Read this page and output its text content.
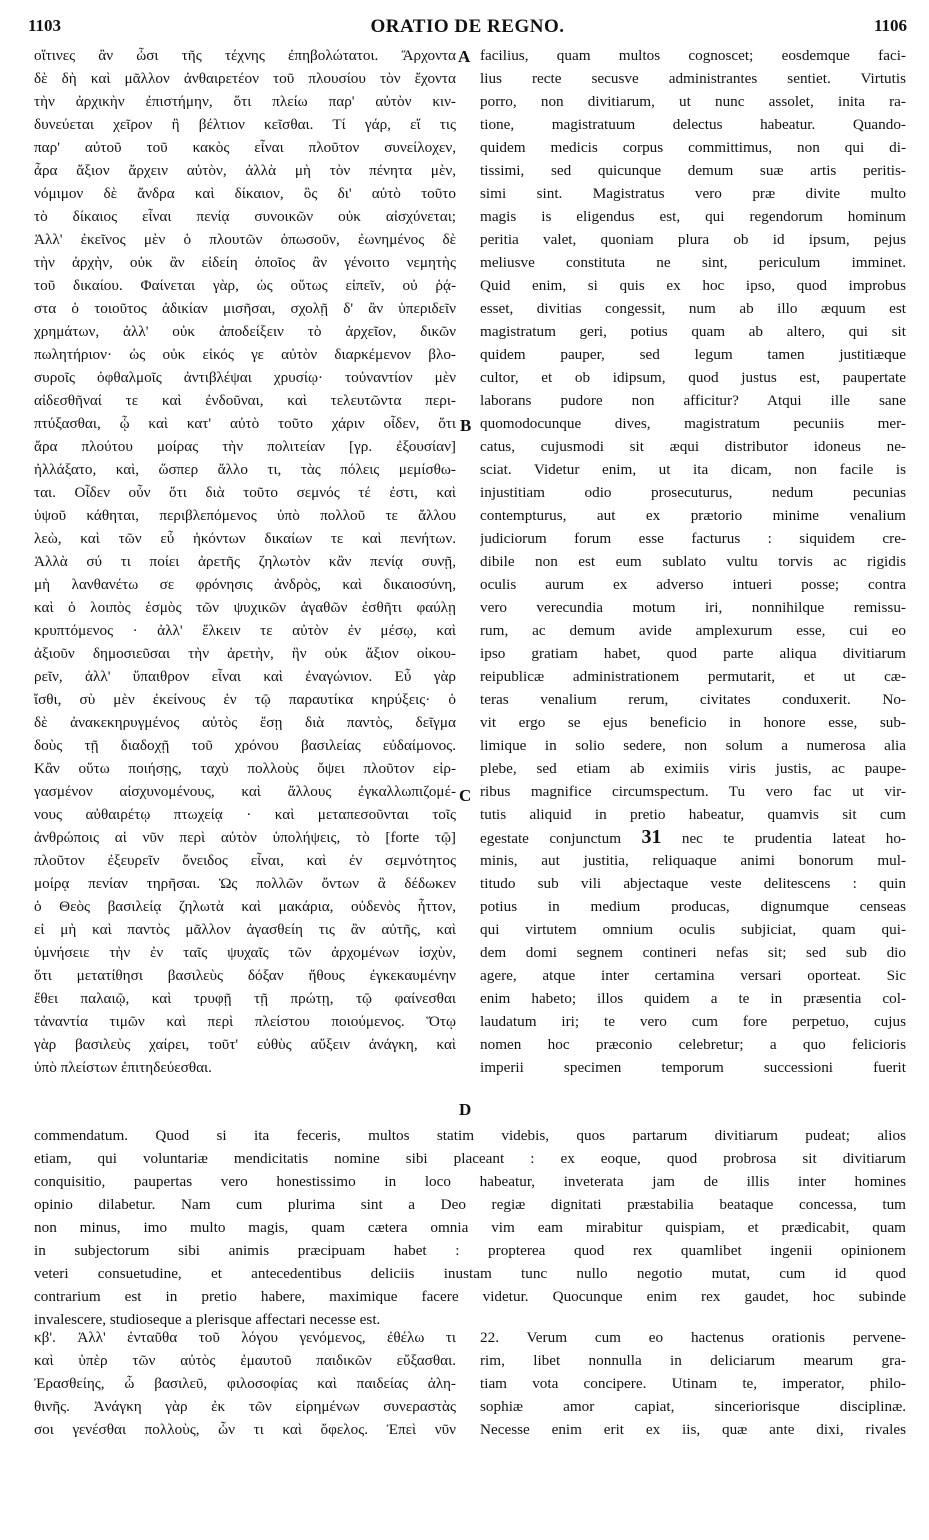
1103	ORATIO DE REGNO.	1106
A
B
C
D
οἵτινες ἂν ὦσι τῆς τέχνης ἐπηβολώτατοι. Ἄρχοντα
δὲ δὴ καὶ μᾶλλον ἀνθαιρετέον τοῦ πλουσίου τὸν ἔχοντα
τὴν ἀρχικὴν ἐπιστήμην, ὅτι πλείω παρ' αὐτὸν κιν-
δυνεύεται χεῖρον ἢ βέλτιον κεῖσθαι. Τί γάρ, εἴ τις
παρ' αὐτοῦ τοῦ κακὸς εἶναι πλοῦτον συνείλοχεν,
ἆρα ἄξιον ἄρχειν αὐτὸν, ἀλλὰ μὴ τὸν πένητα μὲν,
νόμιμον δὲ ἄνδρα καὶ δίκαιον, ὃς δι' αὐτὸ τοῦτο
τὸ δίκαιος εἶναι πενίᾳ συνοικῶν οὐκ αἰσχύνεται;
Ἀλλ' ἐκεῖνος μὲν ὁ πλουτῶν ὁπωσοῦν, ἐωνημένος δὲ
τὴν ἀρχὴν, οὐκ ἂν εἰδείη ὁποῖος ἂν γένοιτο νεμητὴς
τοῦ δικαίου. Φαίνεται γὰρ, ὡς οὕτως εἰπεῖν, οὐ ῥᾴ-
στα ὁ τοιοῦτος ἀδικίαν μισῆσαι, σχολῇ δ' ἂν ὑπεριδεῖν
χρημάτων, ἀλλ' οὐκ ἀποδείξειν τὸ ἀρχεῖον, δικῶν
πωλητήριον· ὡς οὐκ εἰκός γε αὐτὸν διαρκέμενον βλο-
συροῖς ὀφθαλμοῖς ἀντιβλέψαι χρυσίῳ· τοὐναντίον μὲν
αἰδεσθῆναί τε καὶ ἐνδοῦναι, καὶ τελευτῶντα περι-
πτύξασθαι, ᾧ καὶ κατ' αὐτὸ τοῦτο χάριν οἶδεν, ὅτι
ἄρα πλούτου μοίρας τὴν πολιτείαν [γρ. ἐξουσίαν]
ἠλλάξατο, καὶ, ὥσπερ ἄλλο τι, τὰς πόλεις μεμίσθω-
ται. Οἶδεν οὖν ὅτι διὰ τοῦτο σεμνός τέ ἐστι, καὶ
ὑψοῦ κάθηται, περιβλεπόμενος ὑπὸ πολλοῦ τε ἄλλου
λεὼ, καὶ τῶν εὖ ἡκόντων δικαίων τε καὶ πενήτων.
Ἀλλὰ σύ τι ποίει ἀρετῆς ζηλωτὸν κἂν πενίᾳ συνῇ,
μὴ λανθανέτω σε φρόνησις ἀνδρὸς, καὶ δικαιοσύνη,
καὶ ὁ λοιπὸς ἑσμὸς τῶν ψυχικῶν ἀγαθῶν ἐσθῆτι φαύλῃ
κρυπτόμενος · ἀλλ' ἕλκειν τε αὐτὸν ἐν μέσῳ, καὶ
ἀξιοῦν δημοσιεῦσαι τὴν ἀρετὴν, ἣν οὐκ ἄξιον οἰκου-
ρεῖν, ἀλλ' ὕπαιθρον εἶναι καὶ ἐναγώνιον. Εὖ γὰρ
ἴσθι, σὺ μὲν ἐκείνους ἐν τῷ παραυτίκα κηρύξεις· ὁ
δὲ ἀνακεκηρυγμένος αὐτὸς ἔσῃ διὰ παντὸς, δεῖγμα
δοὺς τῇ διαδοχῇ τοῦ χρόνου βασιλείας εὐδαίμονος.
Κἂν οὕτω ποιήσῃς, ταχὺ πολλοὺς ὄψει πλοῦτον εἰρ-
γασμένον αἰσχυνομένους, καὶ ἄλλους ἐγκαλλωπιζομέ-
νους αὐθαιρέτῳ πτωχείᾳ · καὶ μεταπεσοῦνται τοῖς
ἀνθρώποις αἱ νῦν περὶ αὐτὸν ὑπολήψεις, τὸ [forte τῷ]
πλοῦτον ἐξευρεῖν ὄνειδος εἶναι, καὶ ἐν σεμνότητος
μοίρᾳ πενίαν τηρῆσαι. Ὡς πολλῶν ὄντων ἃ δέδωκεν
ὁ Θεὸς βασιλείᾳ ζηλωτὰ καὶ μακάρια, οὐδενὸς ἧττον,
εἰ μὴ καὶ παντὸς μᾶλλον ἀγασθείη τις ἂν αὐτῆς, καὶ
ὑμνήσειε τὴν ἐν ταῖς ψυχαῖς τῶν ἀρχομένων ἰσχὺν,
ὅτι μετατίθησι βασιλεὺς δόξαν ἤθους ἐγκεκαυμένην
ἔθει παλαιῷ, καὶ τρυφῇ τῇ πρώτῃ, τῷ φαίνεσθαι
τἀναντία τιμῶν καὶ περὶ πλείστου ποιούμενος. Ὅτῳ
γὰρ βασιλεὺς χαίρει, τοῦτ' εὐθὺς αὔξειν ἀνάγκη, καὶ
ὑπὸ πλείστων ἐπιτηδεύεσθαι.
facilius, quam multos cognoscet; eosdemque faci-
lius recte secusve administrantes sentiet. Virtutis
porro, non divitiarum, ut nunc assolet, inita ra-
tione, magistratuum delectus habeatur. Quando-
quidem medicis corpus committimus, non qui di-
tissimi, sed quicunque demum suæ artis peritis-
simi sint. Magistratus vero præ divite multo
magis is eligendus est, qui regendorum hominum
peritia valet, quoniam plura ob id ipsum, pejus
meliusve constituta ne sint, periculum imminet.
Quid enim, si quis ex hoc ipso, quod improbus
esset, divitias congessit, num ab illo æquum est
magistratum geri, potius quam ab altero, qui sit
quidem pauper, sed legum tamen justitiæque
cultor, et ob idipsum, quod justus est, paupertate
laborans pudore non afficitur? Atqui ille sane
quomodocunque dives, magistratum pecuniis mer-
catus, cujusmodi sit æqui distributor idoneus ne-
sciat. Videtur enim, ut ita dicam, non facile is
injustitiam odio prosecuturus, nedum pecunias
contempturus, aut ex prætorio minime venalium
judiciorum forum esse facturus : siquidem cre-
dibile non est eum sublato vultu torvis ac rigidis
oculis aurum ex adverso intueri posse; contra
vero verecundia motum iri, nonnihilque remissu-
rum, ac demum avide amplexurum esse, cui eo
ipso gratiam habet, quod parte aliqua divitiarum
reipublicæ administrationem permutarit, et ut cæ-
teras venalium rerum, civitates conduxerit. No-
vit ergo se ejus beneficio in honore esse, sub-
limique in solio sedere, non solum a numerosa alia
plebe, sed etiam ab eximiis viris justis, ac paupe-
ribus magnifice circumspectum. Tu vero fac ut vir-
tutis aliquid in pretio habeatur, quamvis sit cum
egestate conjunctum 31 nec te prudentia lateat ho-
minis, aut justitia, reliquaque animi bonorum mul-
titudo sub vili abjectaque veste delitescens : quin
potius in medium producas, dignumque censeas
qui virtutem omnium oculis subjiciat, quam qui-
dem domi segnem contineri nefas sit; sed sub dio
agere, atque inter certamina versari oporteat. Sic
enim habeto; illos quidem a te in præsentia col-
laudatum iri; te vero cum fore perpetuo, cujus
nomen hoc præconio celebretur; a quo felicioris
imperii specimen temporum successioni fuerit
commendatum. Quod si ita feceris, multos statim videbis, quos partarum divitiarum pudeat; alios
etiam, qui voluntariæ mendicitatis nomine sibi placeant : ex eoque, quod probrosa sit divitiarum
conquisitio, paupertas vero honestissimo in loco habeatur, inveterata jam de illis inter homines
opinio dilabetur. Nam cum plurima sint a Deo regiæ dignitati præstabilia beataque concessa, tum
non minus, imo multo magis, quam cætera omnia vim eam mirabitur quispiam, et prædicabit, quam
in subjectorum sibi animis præcipuam habet : propterea quod rex quamlibet ingenii opinionem
veteri consuetudine, et antecedentibus deliciis inustam tunc nullo negotio mutat, cum id quod
contrarium est in pretio habere, maximique facere videtur. Quocunque enim rex gaudet, hoc subinde
invalescere, studioseque a plerisque affectari necesse est.
κβ'. Ἀλλ' ἐνταῦθα τοῦ λόγου γενόμενος, ἐθέλω τι
καὶ ὑπὲρ τῶν αὐτὸς ἐμαυτοῦ παιδικῶν εὔξασθαι.
Ἐρασθείης, ὦ βασιλεῦ, φιλοσοφίας καὶ παιδείας ἀλη-
θινῆς. Ἀνάγκη γὰρ ἐκ τῶν εἰρημένων συνεραστὰς
σοι γενέσθαι πολλοὺς, ὧν τι καὶ ὄφελος. Ἐπεὶ νῦν
22. Verum cum eo hactenus orationis pervene-
rim, libet nonnulla in deliciarum mearum gra-
tiam vota concipere. Utinam te, imperator, philo-
sophiæ amor capiat, sinceriorisque disciplinæ.
Necesse enim erit ex iis, quæ ante dixi, rivales
